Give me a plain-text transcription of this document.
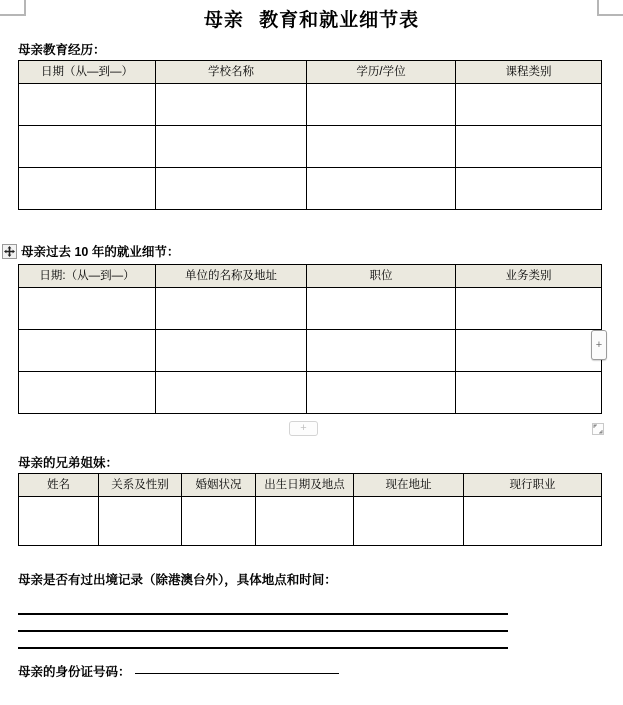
母亲  教育和就业细节表
母亲教育经历：
日期（从—到—）	学校名称	学历/学位	课程类别

母亲过去 10 年的就业细节：
日期:（从—到—）	单位的名称及地址	职位	业务类别

+
+
母亲的兄弟姐妹：
姓名	关系及性别	婚姻状况	出生日期及地点	现在地址	现行职业

母亲是否有过出境记录（除港澳台外），具体地点和时间：
母亲的身份证号码：
